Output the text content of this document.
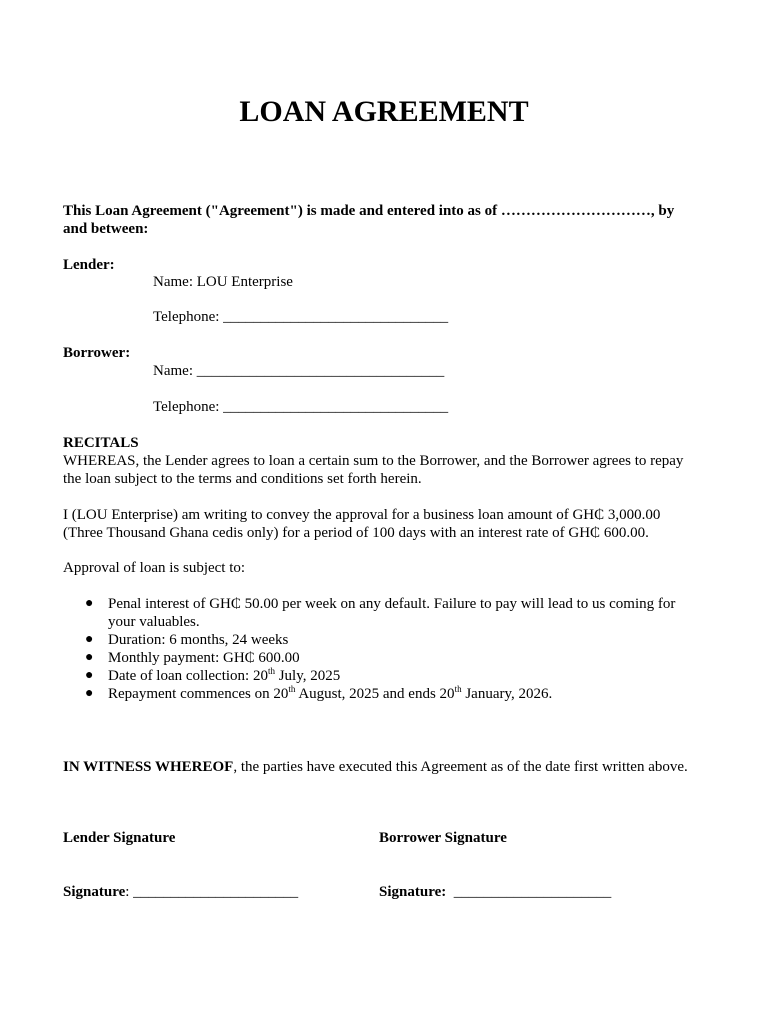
LOAN AGREEMENT
This Loan Agreement ("Agreement") is made and entered into as of …………………………, by
and between:
Lender:
Name: LOU Enterprise
Telephone: ______________________________
Borrower:
Name: _________________________________
Telephone: ______________________________
RECITALS
WHEREAS, the Lender agrees to loan a certain sum to the Borrower, and the Borrower agrees to repay
the loan subject to the terms and conditions set forth herein.
I (LOU Enterprise) am writing to convey the approval for a business loan amount of GH₵ 3,000.00
(Three Thousand Ghana cedis only) for a period of 100 days with an interest rate of GH₵ 600.00.
Approval of loan is subject to:
● Penal interest of GH₵ 50.00 per week on any default. Failure to pay will lead to us coming for
your valuables.
● Duration: 6 months, 24 weeks
● Monthly payment: GH₵ 600.00
● Date of loan collection: 20th July, 2025
● Repayment commences on 20th August, 2025 and ends 20th January, 2026.
IN WITNESS WHEREOF, the parties have executed this Agreement as of the date first written above.
Lender Signature	Borrower Signature
Signature: ______________________	Signature:  _____________________
